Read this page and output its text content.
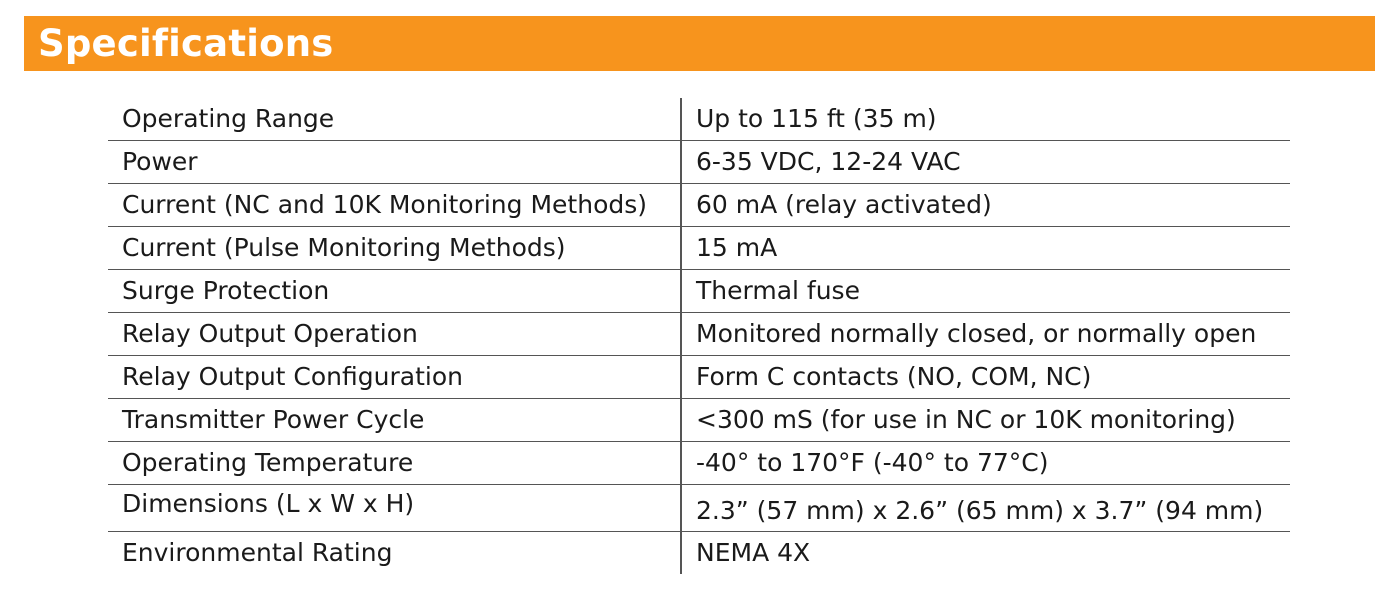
Specifications
Operating Range	Up to 115 ft (35 m)
Power	6-35 VDC, 12-24 VAC
Current (NC and 10K Monitoring Methods)	60 mA (relay activated)
Current (Pulse Monitoring Methods)	15 mA
Surge Protection	Thermal fuse
Relay Output Operation	Monitored normally closed, or normally open
Relay Output Configuration	Form C contacts (NO, COM, NC)
Transmitter Power Cycle	<300 mS (for use in NC or 10K monitoring)
Operating Temperature	-40° to 170°F (-40° to 77°C)
Dimensions (L x W x H)	2.3” (57 mm) x 2.6” (65 mm) x 3.7” (94 mm)
Environmental Rating	NEMA 4X
